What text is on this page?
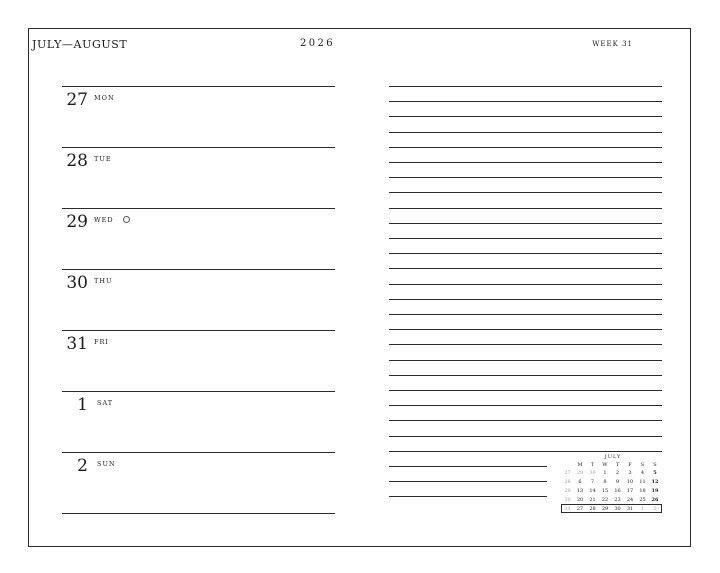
JULY—AUGUST	2026	WEEK 31
27 MON
28 TUE
29 WED
30 THU
31 FRI
1 SAT
2 SUN
JULY
M	T	W	T	F	S	S
27	29	30	1	2	3	4	5
28	6	7	8	9	10	11	12
29	13	14	15	16	17	18	19
30	20	21	22	23	24	25	26
31	27	28	29	30	31	1	2
